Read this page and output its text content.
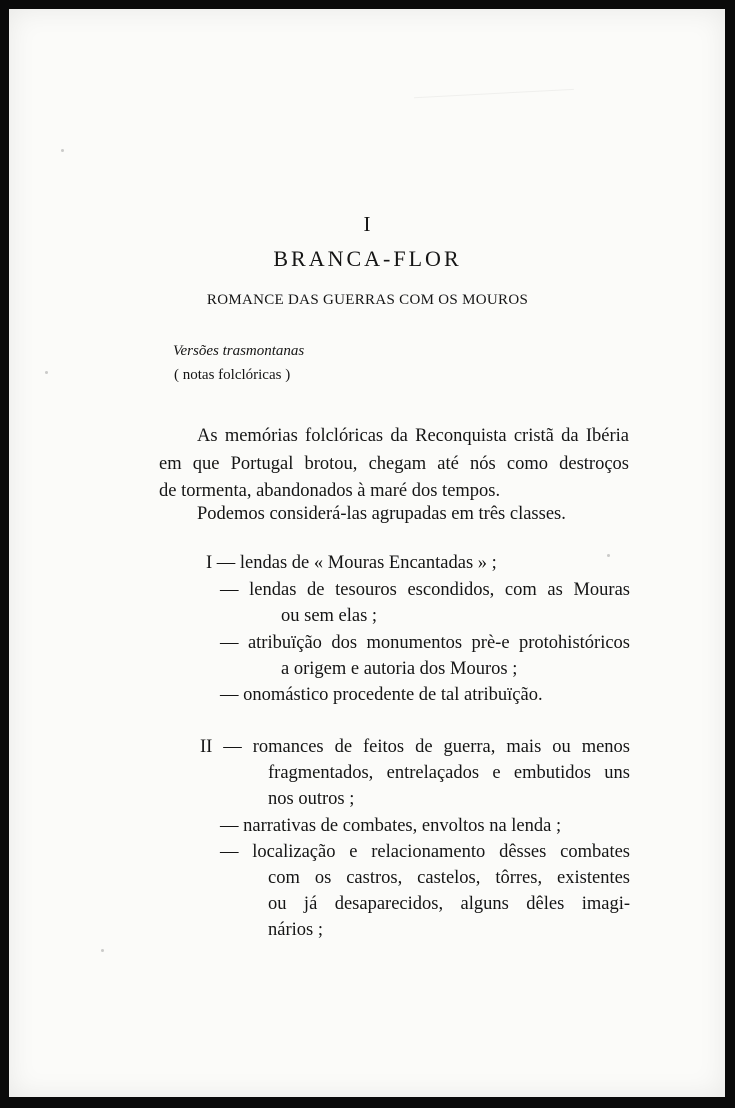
I
BRANCA-FLOR
ROMANCE DAS GUERRAS COM OS MOUROS
Versões trasmontanas
( notas folclóricas )
As memórias folclóricas da Reconquista cristã da Ibéria
em que Portugal brotou, chegam até nós como destroços
de tormenta, abandonados à maré dos tempos.
Podemos considerá-las agrupadas em três classes.
I — lendas de « Mouras Encantadas » ;
— lendas de tesouros escondidos, com as Mouras
ou sem elas ;
— atribuïção dos monumentos prè-e protohistóricos
a origem e autoria dos Mouros ;
— onomástico procedente de tal atribuïção.
II — romances de feitos de guerra, mais ou menos
fragmentados, entrelaçados e embutidos uns
nos outros ;
— narrativas de combates, envoltos na lenda ;
— localização e relacionamento dêsses combates
com os castros, castelos, tôrres, existentes
ou já desaparecidos, alguns dêles imagi-
nários ;
